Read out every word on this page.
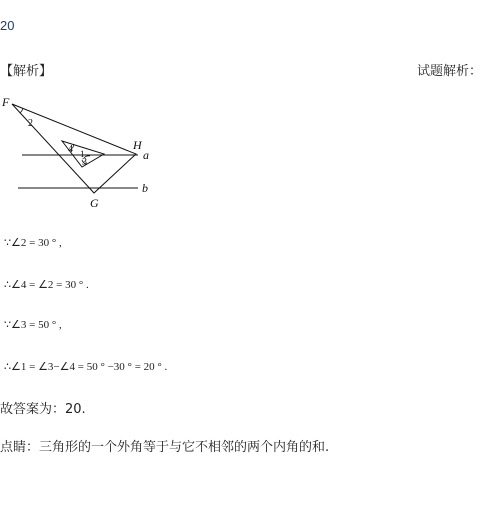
20
【解析】	试题解析：
F
H
G
a
b
2
4 1
3
∵∠2 = 30 ° ,
∴∠4 = ∠2 = 30 ° .
∵∠3 = 50 ° ,
∴∠1 = ∠3−∠4 = 50 ° −30 ° = 20 ° .
故答案为：20.
点睛：三角形的一个外角等于与它不相邻的两个内角的和.
